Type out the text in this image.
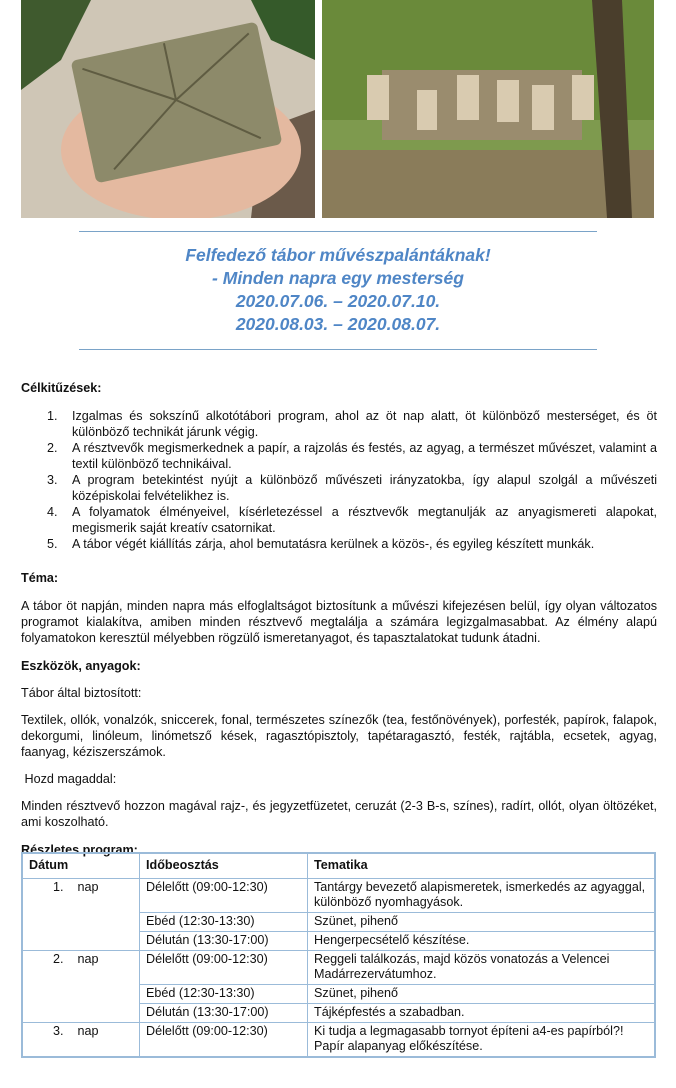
Felfedező tábor művészpalántáknak!
- Minden napra egy mesterség
2020.07.06. – 2020.07.10.
2020.08.03. – 2020.08.07.

Célkitűzések:

1. Izgalmas és sokszínű alkotótábori program, ahol az öt nap alatt, öt különböző mesterséget, és öt különböző technikát járunk végig.
2. A résztvevők megismerkednek a papír, a rajzolás és festés, az agyag, a természet művészet, valamint a textil különböző technikáival.
3. A program betekintést nyújt a különböző művészeti irányzatokba, így alapul szolgál a művészeti középiskolai felvételikhez is.
4. A folyamatok élményeivel, kísérletezéssel a résztvevők megtanulják az anyagismereti alapokat, megismerik saját kreatív csatornikat.
5. A tábor végét kiállítás zárja, ahol bemutatásra kerülnek a közös-, és egyileg készített munkák.

Téma:

A tábor öt napján, minden napra más elfoglaltságot biztosítunk a művészi kifejezésen belül, így olyan változatos programot kialakítva, amiben minden résztvevő megtalálja a számára legizgalmasabbat. Az élmény alapú folyamatokon keresztül mélyebben rögzülő ismeretanyagot, és tapasztalatokat tudunk átadni.

Eszközök, anyagok:

Tábor által biztosított:

Textilek, ollók, vonalzók, sniccerek, fonal, természetes színezők (tea, festőnövények), porfesték, papírok, falapok, dekorgumi, linóleum, linómetsző kések, ragasztópisztoly, tapétaragasztó, festék, rajtábla, ecsetek, agyag, faanyag, kéziszerszámok.

Hozd magaddal:

Minden résztvevő hozzon magával rajz-, és jegyzetfüzetet, ceruzát (2-3 B-s, színes), radírt, ollót, olyan öltözéket, ami koszolható.

Részletes program:

Dátum	Időbeosztás	Tematika
1.    nap	Délelőtt (09:00-12:30)	Tantárgy bevezető alapismeretek, ismerkedés az agyaggal, különböző nyomhagyások.
	Ebéd (12:30-13:30)	Szünet, pihenő
	Délután (13:30-17:00)	Hengerpecsételő készítése.
2.    nap	Délelőtt (09:00-12:30)	Reggeli találkozás, majd közös vonatozás a Velencei Madárrezervátumhoz.
	Ebéd (12:30-13:30)	Szünet, pihenő
	Délután (13:30-17:00)	Tájképfestés a szabadban.
3.    nap	Délelőtt (09:00-12:30)	Ki tudja a legmagasabb tornyot építeni a4-es papírból?! Papír alapanyag előkészítése.
